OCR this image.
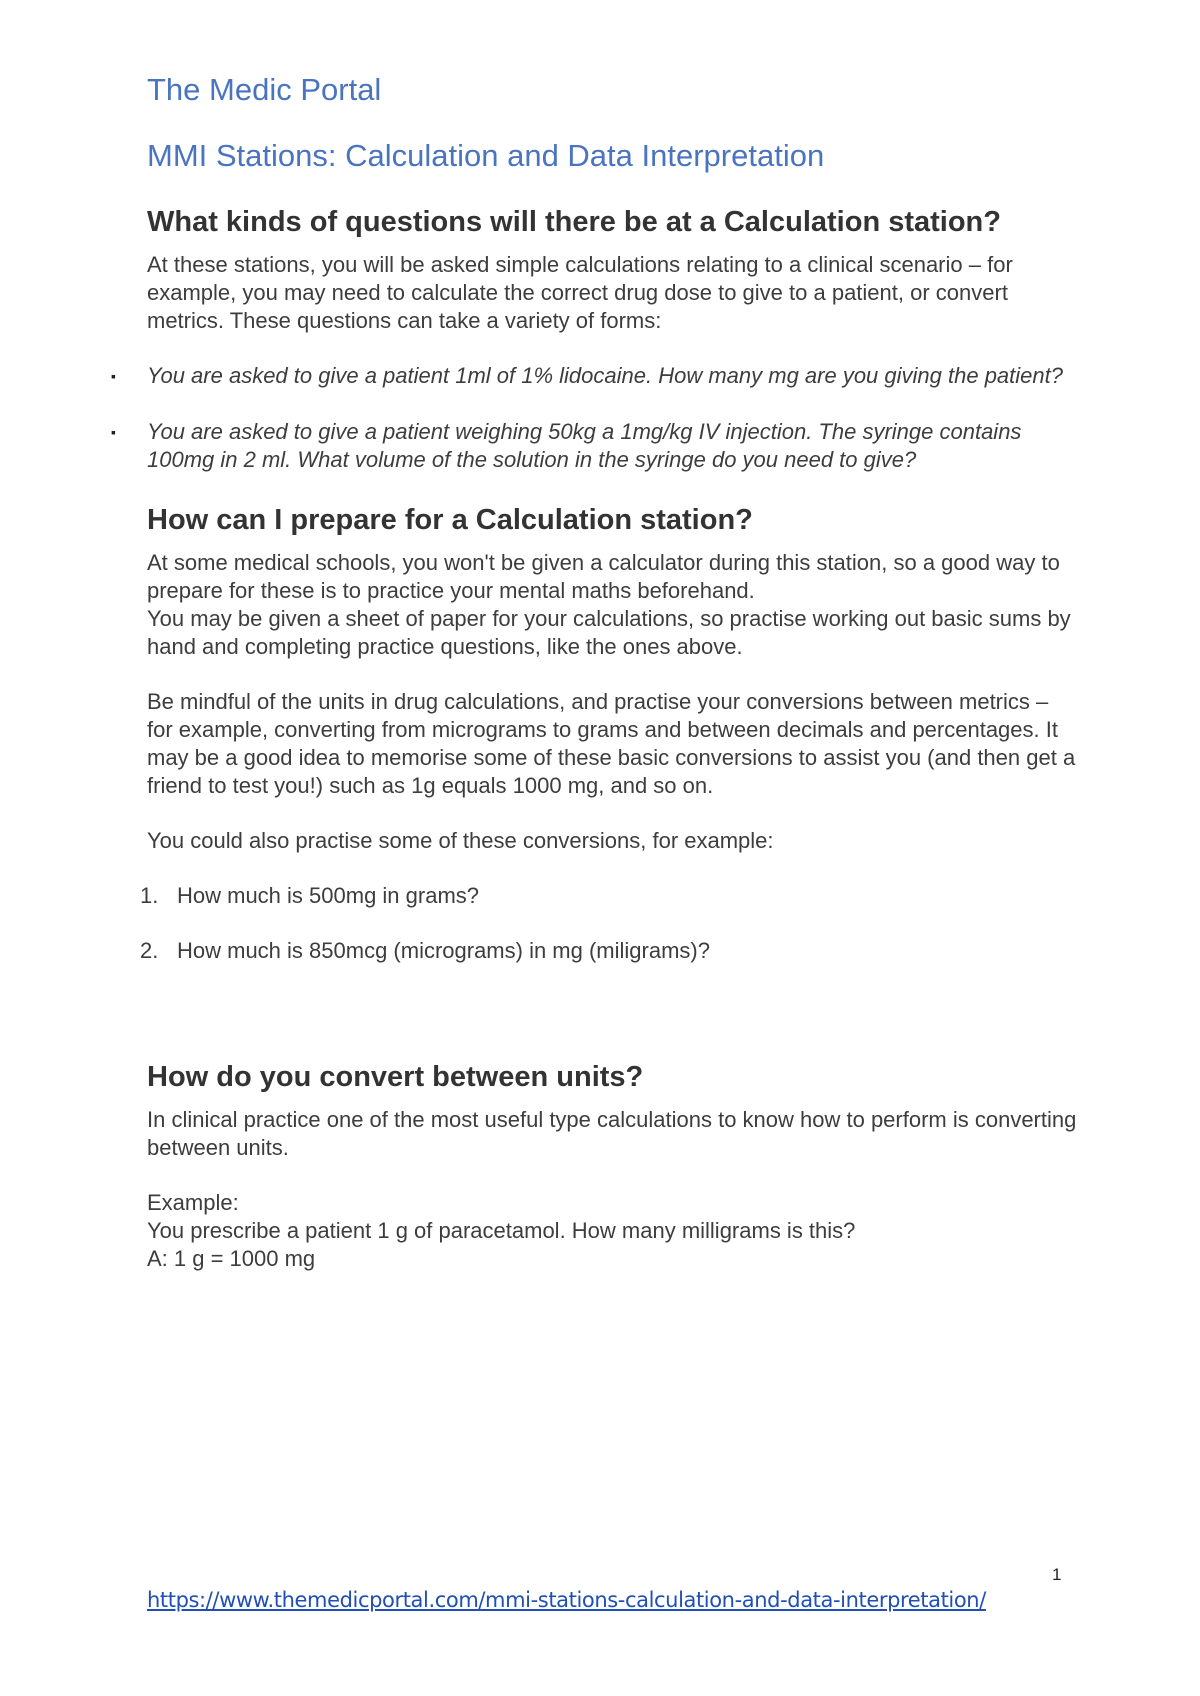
The Medic Portal
MMI Stations: Calculation and Data Interpretation
What kinds of questions will there be at a Calculation station?

At these stations, you will be asked simple calculations relating to a clinical scenario – for example, you may need to calculate the correct drug dose to give to a patient, or convert metrics. These questions can take a variety of forms:

▪ You are asked to give a patient 1ml of 1% lidocaine. How many mg are you giving the patient?
▪ You are asked to give a patient weighing 50kg a 1mg/kg IV injection. The syringe contains 100mg in 2 ml. What volume of the solution in the syringe do you need to give?
How can I prepare for a Calculation station?

At some medical schools, you won't be given a calculator during this station, so a good way to prepare for these is to practice your mental maths beforehand.

You may be given a sheet of paper for your calculations, so practise working out basic sums by hand and completing practice questions, like the ones above.

Be mindful of the units in drug calculations, and practise your conversions between metrics – for example, converting from micrograms to grams and between decimals and percentages. It may be a good idea to memorise some of these basic conversions to assist you (and then get a friend to test you!) such as 1g equals 1000 mg, and so on.

You could also practise some of these conversions, for example:

1. How much is 500mg in grams?
2. How much is 850mcg (micrograms) in mg (miligrams)?
How do you convert between units?

In clinical practice one of the most useful type calculations to know how to perform is converting between units.

Example:

You prescribe a patient 1 g of paracetamol. How many milligrams is this?

A: 1 g = 1000 mg

1
https://www.themedicportal.com/mmi-stations-calculation-and-data-interpretation/
